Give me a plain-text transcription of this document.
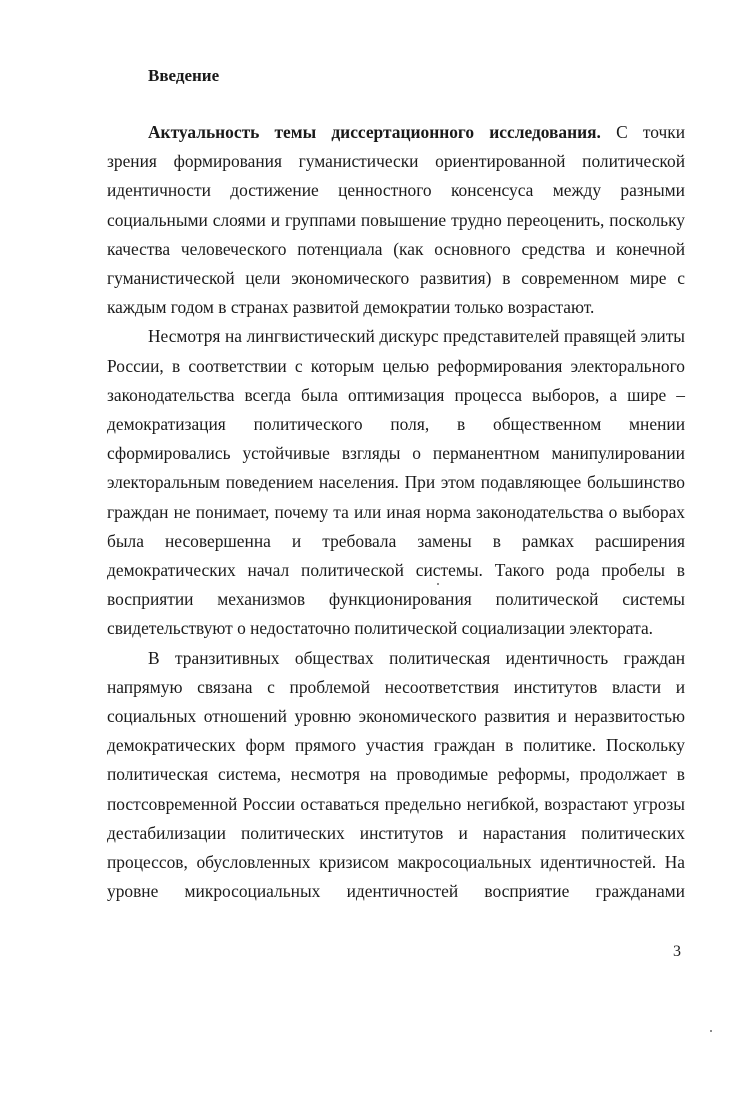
Введение
Актуальность темы диссертационного исследования. С точки
зрения формирования гуманистически ориентированной политической
идентичности достижение ценностного консенсуса между разными
социальными слоями и группами повышение трудно переоценить, поскольку
качества человеческого потенциала (как основного средства и конечной
гуманистической цели экономического развития) в современном мире с
каждым годом в странах развитой демократии только возрастают.
Несмотря на лингвистический дискурс представителей правящей элиты
России, в соответствии с которым целью реформирования электорального
законодательства всегда была оптимизация процесса выборов, а шире –
демократизация политического поля, в общественном мнении
сформировались устойчивые взгляды о перманентном манипулировании
электоральным поведением населения. При этом подавляющее большинство
граждан не понимает, почему та или иная норма законодательства о выборах
была несовершенна и требовала замены в рамках расширения
демократических начал политической системы. Такого рода пробелы в
восприятии механизмов функционирования политической системы
свидетельствуют о недостаточно политической социализации электората.
В транзитивных обществах политическая идентичность граждан
напрямую связана с проблемой несоответствия институтов власти и
социальных отношений уровню экономического развития и неразвитостью
демократических форм прямого участия граждан в политике. Поскольку
политическая система, несмотря на проводимые реформы, продолжает в
постсовременной России оставаться предельно негибкой, возрастают угрозы
дестабилизации политических институтов и нарастания политических
процессов, обусловленных кризисом макросоциальных идентичностей. На
уровне микросоциальных идентичностей восприятие гражданами
3
